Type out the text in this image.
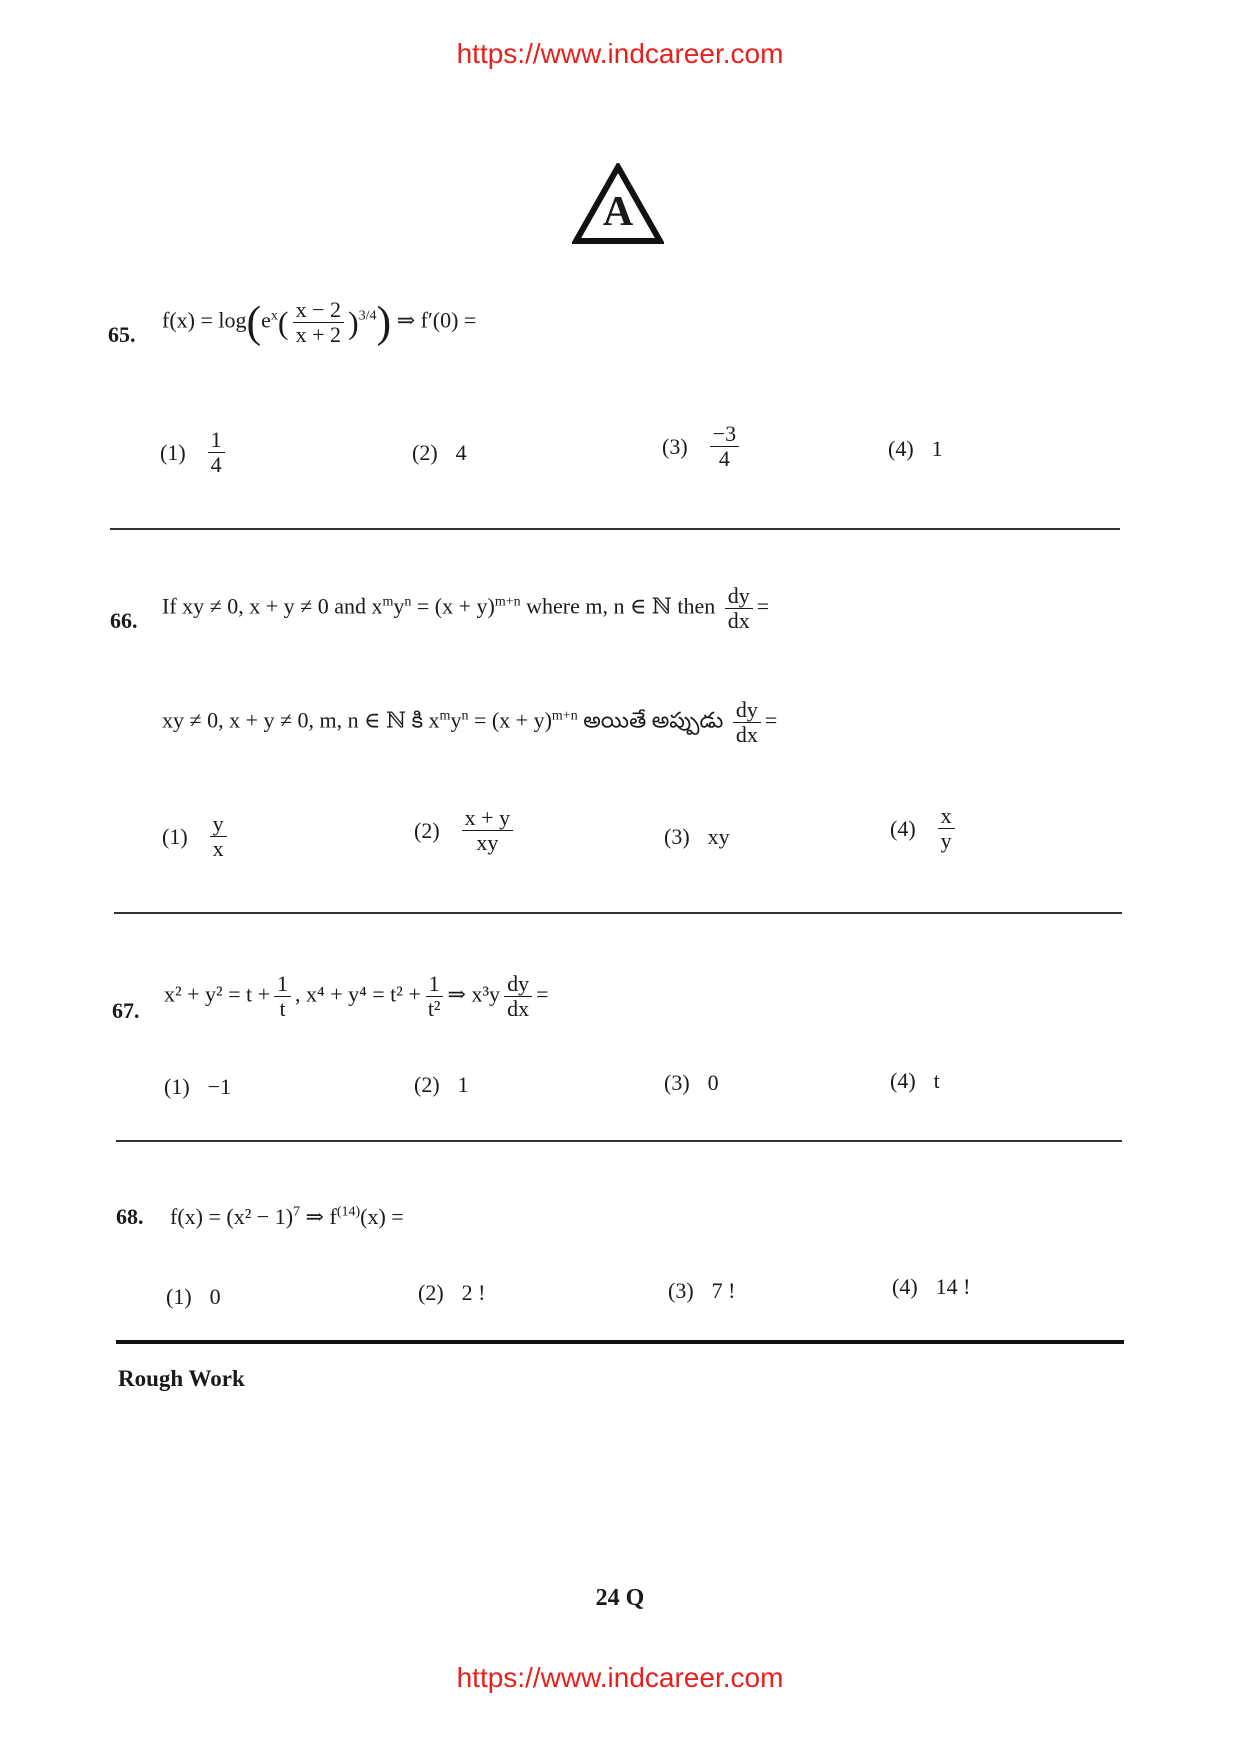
https://www.indcareer.com
A
65.
$f(x) = \log(e^x( \frac{x - 2}{x + 2} )^{3/4})$ ⇒ f′(0) =
$(1) \frac{1}{4}$	(2) 4	$(3) \frac{-3}{4}$	(4) 1
66.
If xy ≠ 0, x + y ≠ 0 and $x^my^n = (x + y)^{m+n}$ where m, n ∈ ℕ then $\frac{dy}{dx}$ =
xy ≠ 0, x + y ≠ 0, m, n ∈ ℕ కి $x^my^n = (x + y)^{m+n}$ అయితే అప్పుడు $\frac{dy}{dx}$ =
$(1) \frac{y}{x}$	$(2) \frac{x + y}{xy}$	(3) xy	$(4) \frac{x}{y}$
67.
$x^2 + y^2 = t + \frac{1}{t}$ , $x^4 + y^4 = t^2 + \frac{1}{\text{t²}}$ ⇒ $x^3y \frac{dy}{dx}$ =
(1) −1	(2) 1	(3) 0	(4) t
68. $f(x) = (x^2 - 1)^7$ ⇒ $f^{(14)}(x)$ =
(1) 0	(2) 2 !	(3) 7 !	(4) 14 !
Rough Work
24 Q
https://www.indcareer.com
